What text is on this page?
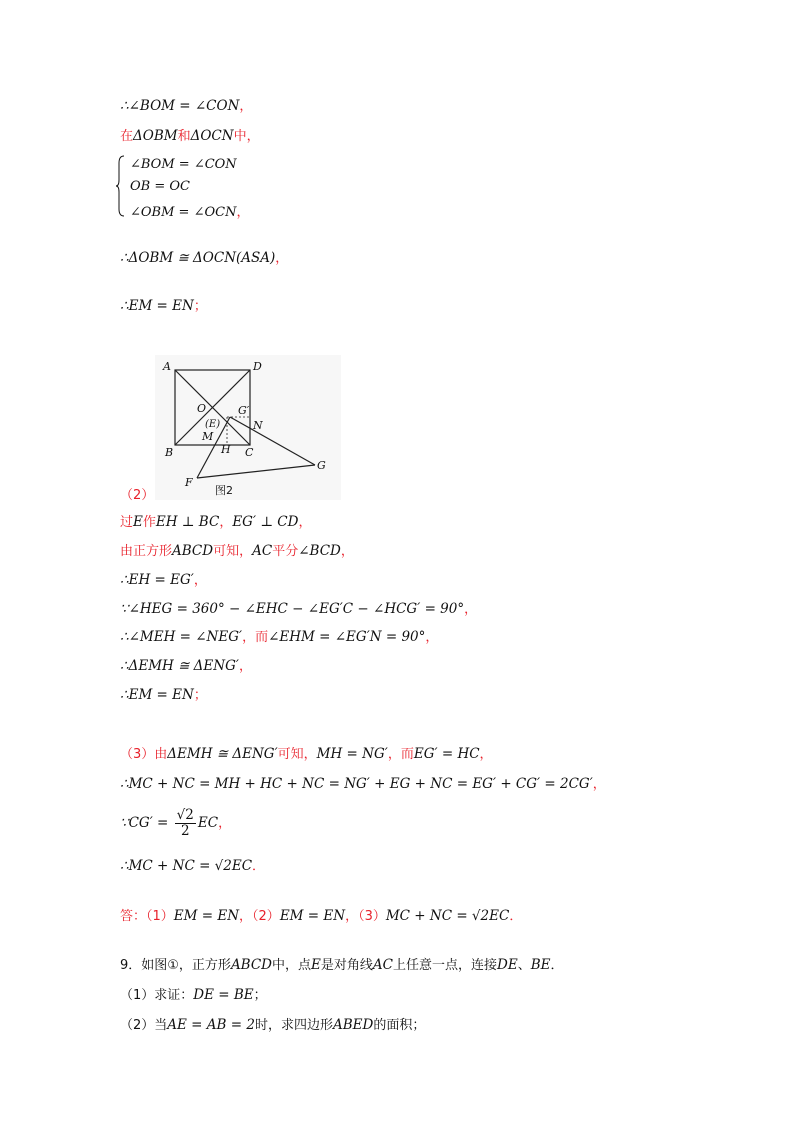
∴∠BOM = ∠CON，
在ΔOBM和ΔOCN中，
∠BOM = ∠CON
OB = OC
∠OBM = ∠OCN，
∴ΔOBM ≅ ΔOCN(ASA)，
∴EM = EN；
A	D
O	G′
(E)	N
M
H
B	C
G
F
图2
（2）
过E作EH ⊥ BC，EG′ ⊥ CD，
由正方形ABCD可知，AC平分∠BCD，
∴EH = EG′，
∵∠HEG = 360° − ∠EHC − ∠EG′C − ∠HCG′ = 90°，
∴∠MEH = ∠NEG′，而∠EHM = ∠EG′N = 90°，
∴ΔEMH ≅ ΔENG′，
∴EM = EN；
（3）由ΔEMH ≅ ΔENG′可知，MH = NG′，而EG′ = HC，
∴MC + NC = MH + HC + NC = NG′ + EG + NC = EG′ + CG′ = 2CG′，
∵CG′ = $\frac{√2}{2}$ EC，
∴MC + NC = √2EC．
答：（1）EM = EN，（2）EM = EN，（3）MC + NC = √2EC．
9．如图①，正方形ABCD中，点E是对角线AC上任意一点，连接DE、BE．
（1）求证：DE = BE；
（2）当AE = AB = 2时，求四边形ABED的面积；
